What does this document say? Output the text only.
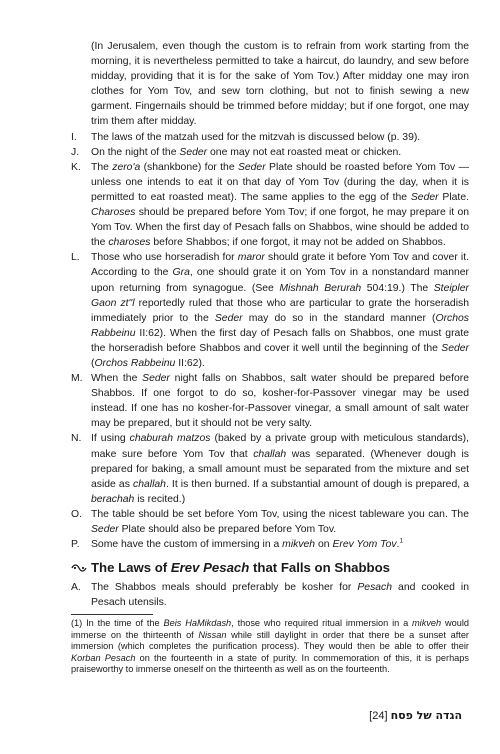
(In Jerusalem, even though the custom is to refrain from work starting from the morning, it is nevertheless permitted to take a haircut, do laundry, and sew before midday, providing that it is for the sake of Yom Tov.) After midday one may iron clothes for Yom Tov, and sew torn clothing, but not to finish sewing a new garment. Fingernails should be trimmed before midday; but if one forgot, one may trim them after midday.

I.	The laws of the matzah used for the mitzvah is discussed below (p. 39).
J.	On the night of the Seder one may not eat roasted meat or chicken.
K. The zero'a (shankbone) for the Seder Plate should be roasted before Yom Tov — unless one intends to eat it on that day of Yom Tov (during the day, when it is permitted to eat roasted meat). The same applies to the egg of the Seder Plate. Charoses should be prepared before Yom Tov; if one forgot, he may prepare it on Yom Tov. When the first day of Pesach falls on Shabbos, wine should be added to the charoses before Shabbos; if one forgot, it may not be added on Shabbos.
L.	Those who use horseradish for maror should grate it before Yom Tov and cover it. According to the Gra, one should grate it on Yom Tov in a nonstandard manner upon returning from synagogue. (See Mishnah Berurah 504:19.) The Steipler Gaon zt"l reportedly ruled that those who are particular to grate the horseradish immediately prior to the Seder may do so in the standard manner (Orchos Rabbeinu II:62). When the first day of Pesach falls on Shabbos, one must grate the horseradish before Shabbos and cover it well until the beginning of the Seder (Orchos Rabbeinu II:62).
M. When the Seder night falls on Shabbos, salt water should be prepared before Shabbos. If one forgot to do so, kosher-for-Passover vinegar may be used instead. If one has no kosher-for-Passover vinegar, a small amount of salt water may be prepared, but it should not be very salty.
N. If using chaburah matzos (baked by a private group with meticulous standards), make sure before Yom Tov that challah was separated. (Whenever dough is prepared for baking, a small amount must be separated from the mixture and set aside as challah. It is then burned. If a substantial amount of dough is prepared, a berachah is recited.)
O. The table should be set before Yom Tov, using the nicest tableware you can. The Seder Plate should also be prepared before Yom Tov.
P.	Some have the custom of immersing in a mikveh on Erev Yom Tov.$^1$
The Laws of Erev Pesach that Falls on Shabbos
A. The Shabbos meals should preferably be kosher for Pesach and cooked in Pesach utensils.

(1) In the time of the Beis HaMikdash, those who required ritual immersion in a mikveh would immerse on the thirteenth of Nissan while still daylight in order that there be a sunset after immersion (which completes the purification process). They would then be able to offer their Korban Pesach on the fourteenth in a state of purity. In commemoration of this, it is perhaps praiseworthy to immerse oneself on the thirteenth as well as on the fourteenth.

הגדה של פסח [24]
